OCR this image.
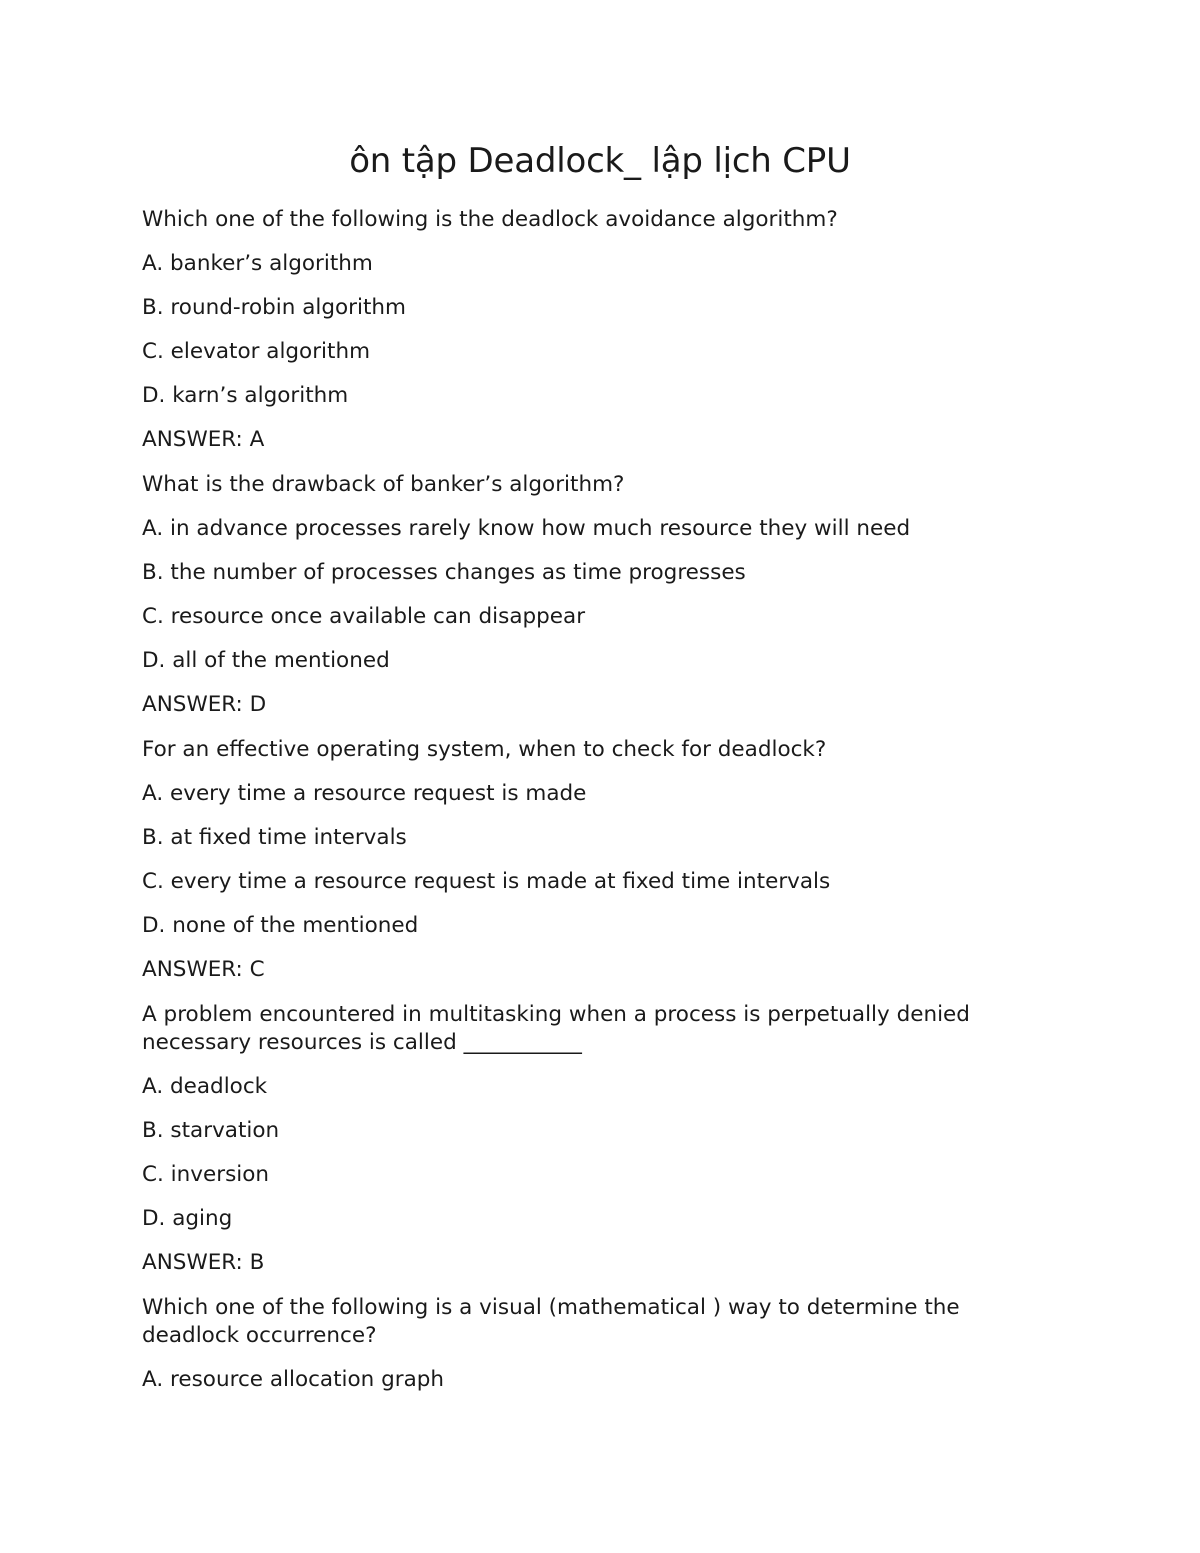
ôn tập Deadlock_ lập lịch CPU

Which one of the following is the deadlock avoidance algorithm?

A. banker’s algorithm

B. round-robin algorithm

C. elevator algorithm

D. karn’s algorithm

ANSWER: A

What is the drawback of banker’s algorithm?

A. in advance processes rarely know how much resource they will need

B. the number of processes changes as time progresses

C. resource once available can disappear

D. all of the mentioned

ANSWER: D

For an effective operating system, when to check for deadlock?

A. every time a resource request is made

B. at fixed time intervals

C. every time a resource request is made at fixed time intervals

D. none of the mentioned

ANSWER: C

A problem encountered in multitasking when a process is perpetually denied necessary resources is called ___________

A. deadlock

B. starvation

C. inversion

D. aging

ANSWER: B

Which one of the following is a visual (mathematical ) way to determine the deadlock occurrence?

A. resource allocation graph
